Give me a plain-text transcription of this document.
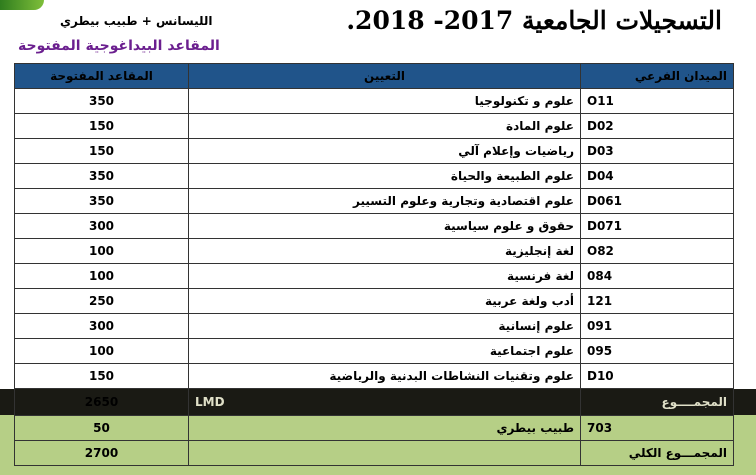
التسجيلات الجامعية 2017- 2018.
الليسانس + طبيب بيطري
المقاعد البيداغوجية المفتوحة
الميدان الفرعي	التعيين	المقاعد المفتوحة
O11	علوم و تكنولوجيا	350
D02	علوم المادة	150
D03	رياضيات وإعلام آلي	150
D04	علوم الطبيعة والحياة	350
D061	علوم اقتصادية وتجارية وعلوم التسيير	350
D071	حقوق و علوم سياسية	300
O82	لغة إنجليزية	100
084	لغة فرنسية	100
121	أدب ولغة عربية	250
091	علوم إنسانية	300
095	علوم اجتماعية	100
D10	علوم وتقنيات النشاطات البدنية والرياضية	150
المجمــــوع	LMD	2650
703	طبيب بيطري	50
المجمـــوع الكلي		2700
